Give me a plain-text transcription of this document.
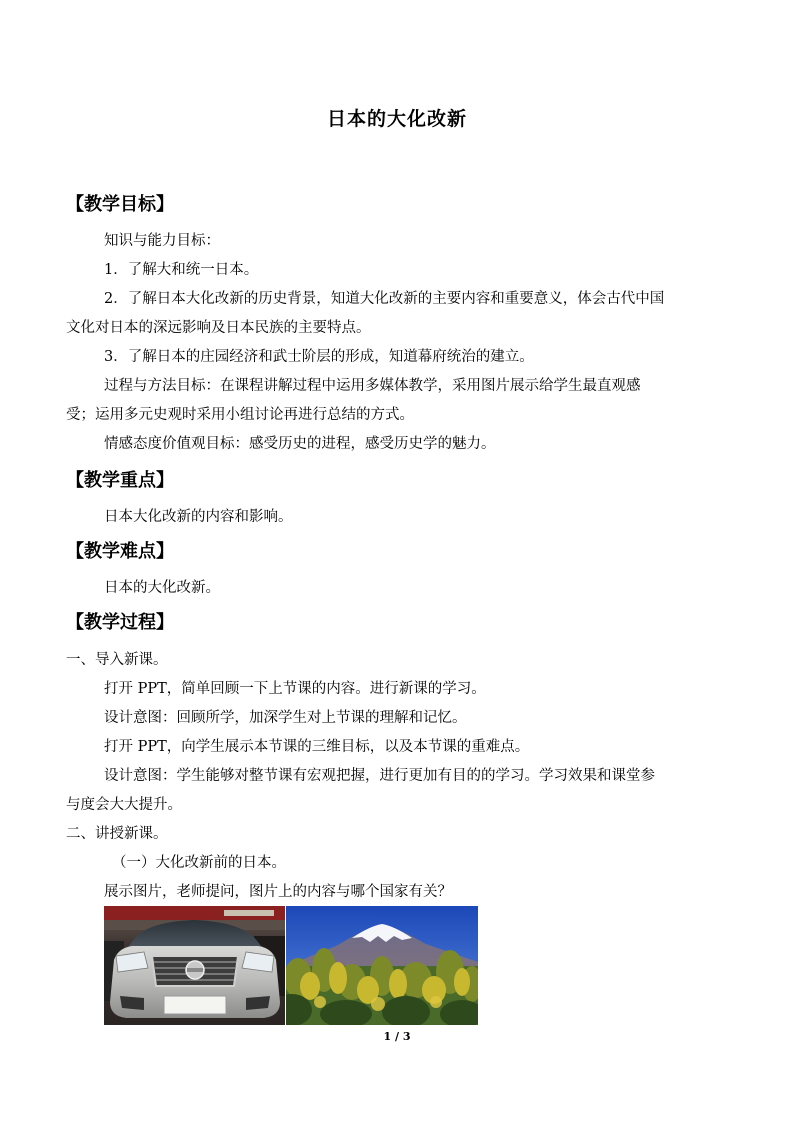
日本的大化改新
【教学目标】
知识与能力目标：
1．了解大和统一日本。
2．了解日本大化改新的历史背景，知道大化改新的主要内容和重要意义，体会古代中国
文化对日本的深远影响及日本民族的主要特点。
3．了解日本的庄园经济和武士阶层的形成，知道幕府统治的建立。
过程与方法目标：在课程讲解过程中运用多媒体教学，采用图片展示给学生最直观感
受；运用多元史观时采用小组讨论再进行总结的方式。
情感态度价值观目标：感受历史的进程，感受历史学的魅力。
【教学重点】
日本大化改新的内容和影响。
【教学难点】
日本的大化改新。
【教学过程】
一、导入新课。
打开 PPT，简单回顾一下上节课的内容。进行新课的学习。
设计意图：回顾所学，加深学生对上节课的理解和记忆。
打开 PPT，向学生展示本节课的三维目标，以及本节课的重难点。
设计意图：学生能够对整节课有宏观把握，进行更加有目的的学习。学习效果和课堂参
与度会大大提升。
二、讲授新课。
（一）大化改新前的日本。
展示图片，老师提问，图片上的内容与哪个国家有关？
1 / 3
